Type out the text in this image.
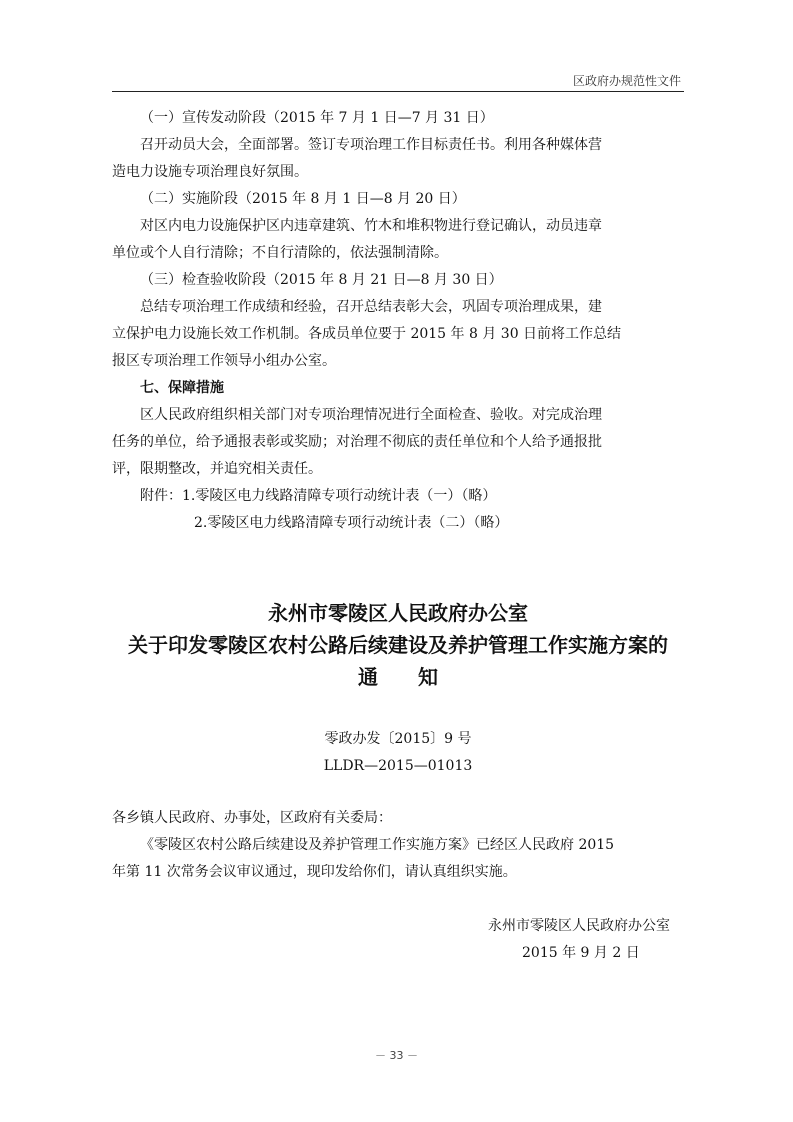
区政府办规范性文件
（一）宣传发动阶段（2015 年 7 月 1 日—7 月 31 日）
召开动员大会，全面部署。签订专项治理工作目标责任书。利用各种媒体营
造电力设施专项治理良好氛围。
（二）实施阶段（2015 年 8 月 1 日—8 月 20 日）
对区内电力设施保护区内违章建筑、竹木和堆积物进行登记确认，动员违章
单位或个人自行清除；不自行清除的，依法强制清除。
（三）检查验收阶段（2015 年 8 月 21 日—8 月 30 日）
总结专项治理工作成绩和经验，召开总结表彰大会，巩固专项治理成果，建
立保护电力设施长效工作机制。各成员单位要于 2015 年 8 月 30 日前将工作总结
报区专项治理工作领导小组办公室。
七、保障措施
区人民政府组织相关部门对专项治理情况进行全面检查、验收。对完成治理
任务的单位，给予通报表彰或奖励；对治理不彻底的责任单位和个人给予通报批
评，限期整改，并追究相关责任。
附件：1.零陵区电力线路清障专项行动统计表（一）（略）
2.零陵区电力线路清障专项行动统计表（二）（略）
永州市零陵区人民政府办公室
关于印发零陵区农村公路后续建设及养护管理工作实施方案的
通　　知
零政办发〔2015〕9 号
LLDR—2015—01013
各乡镇人民政府、办事处，区政府有关委局：
《零陵区农村公路后续建设及养护管理工作实施方案》已经区人民政府 2015
年第 11 次常务会议审议通过，现印发给你们，请认真组织实施。
永州市零陵区人民政府办公室
2015 年 9 月 2 日
－ 33 －
